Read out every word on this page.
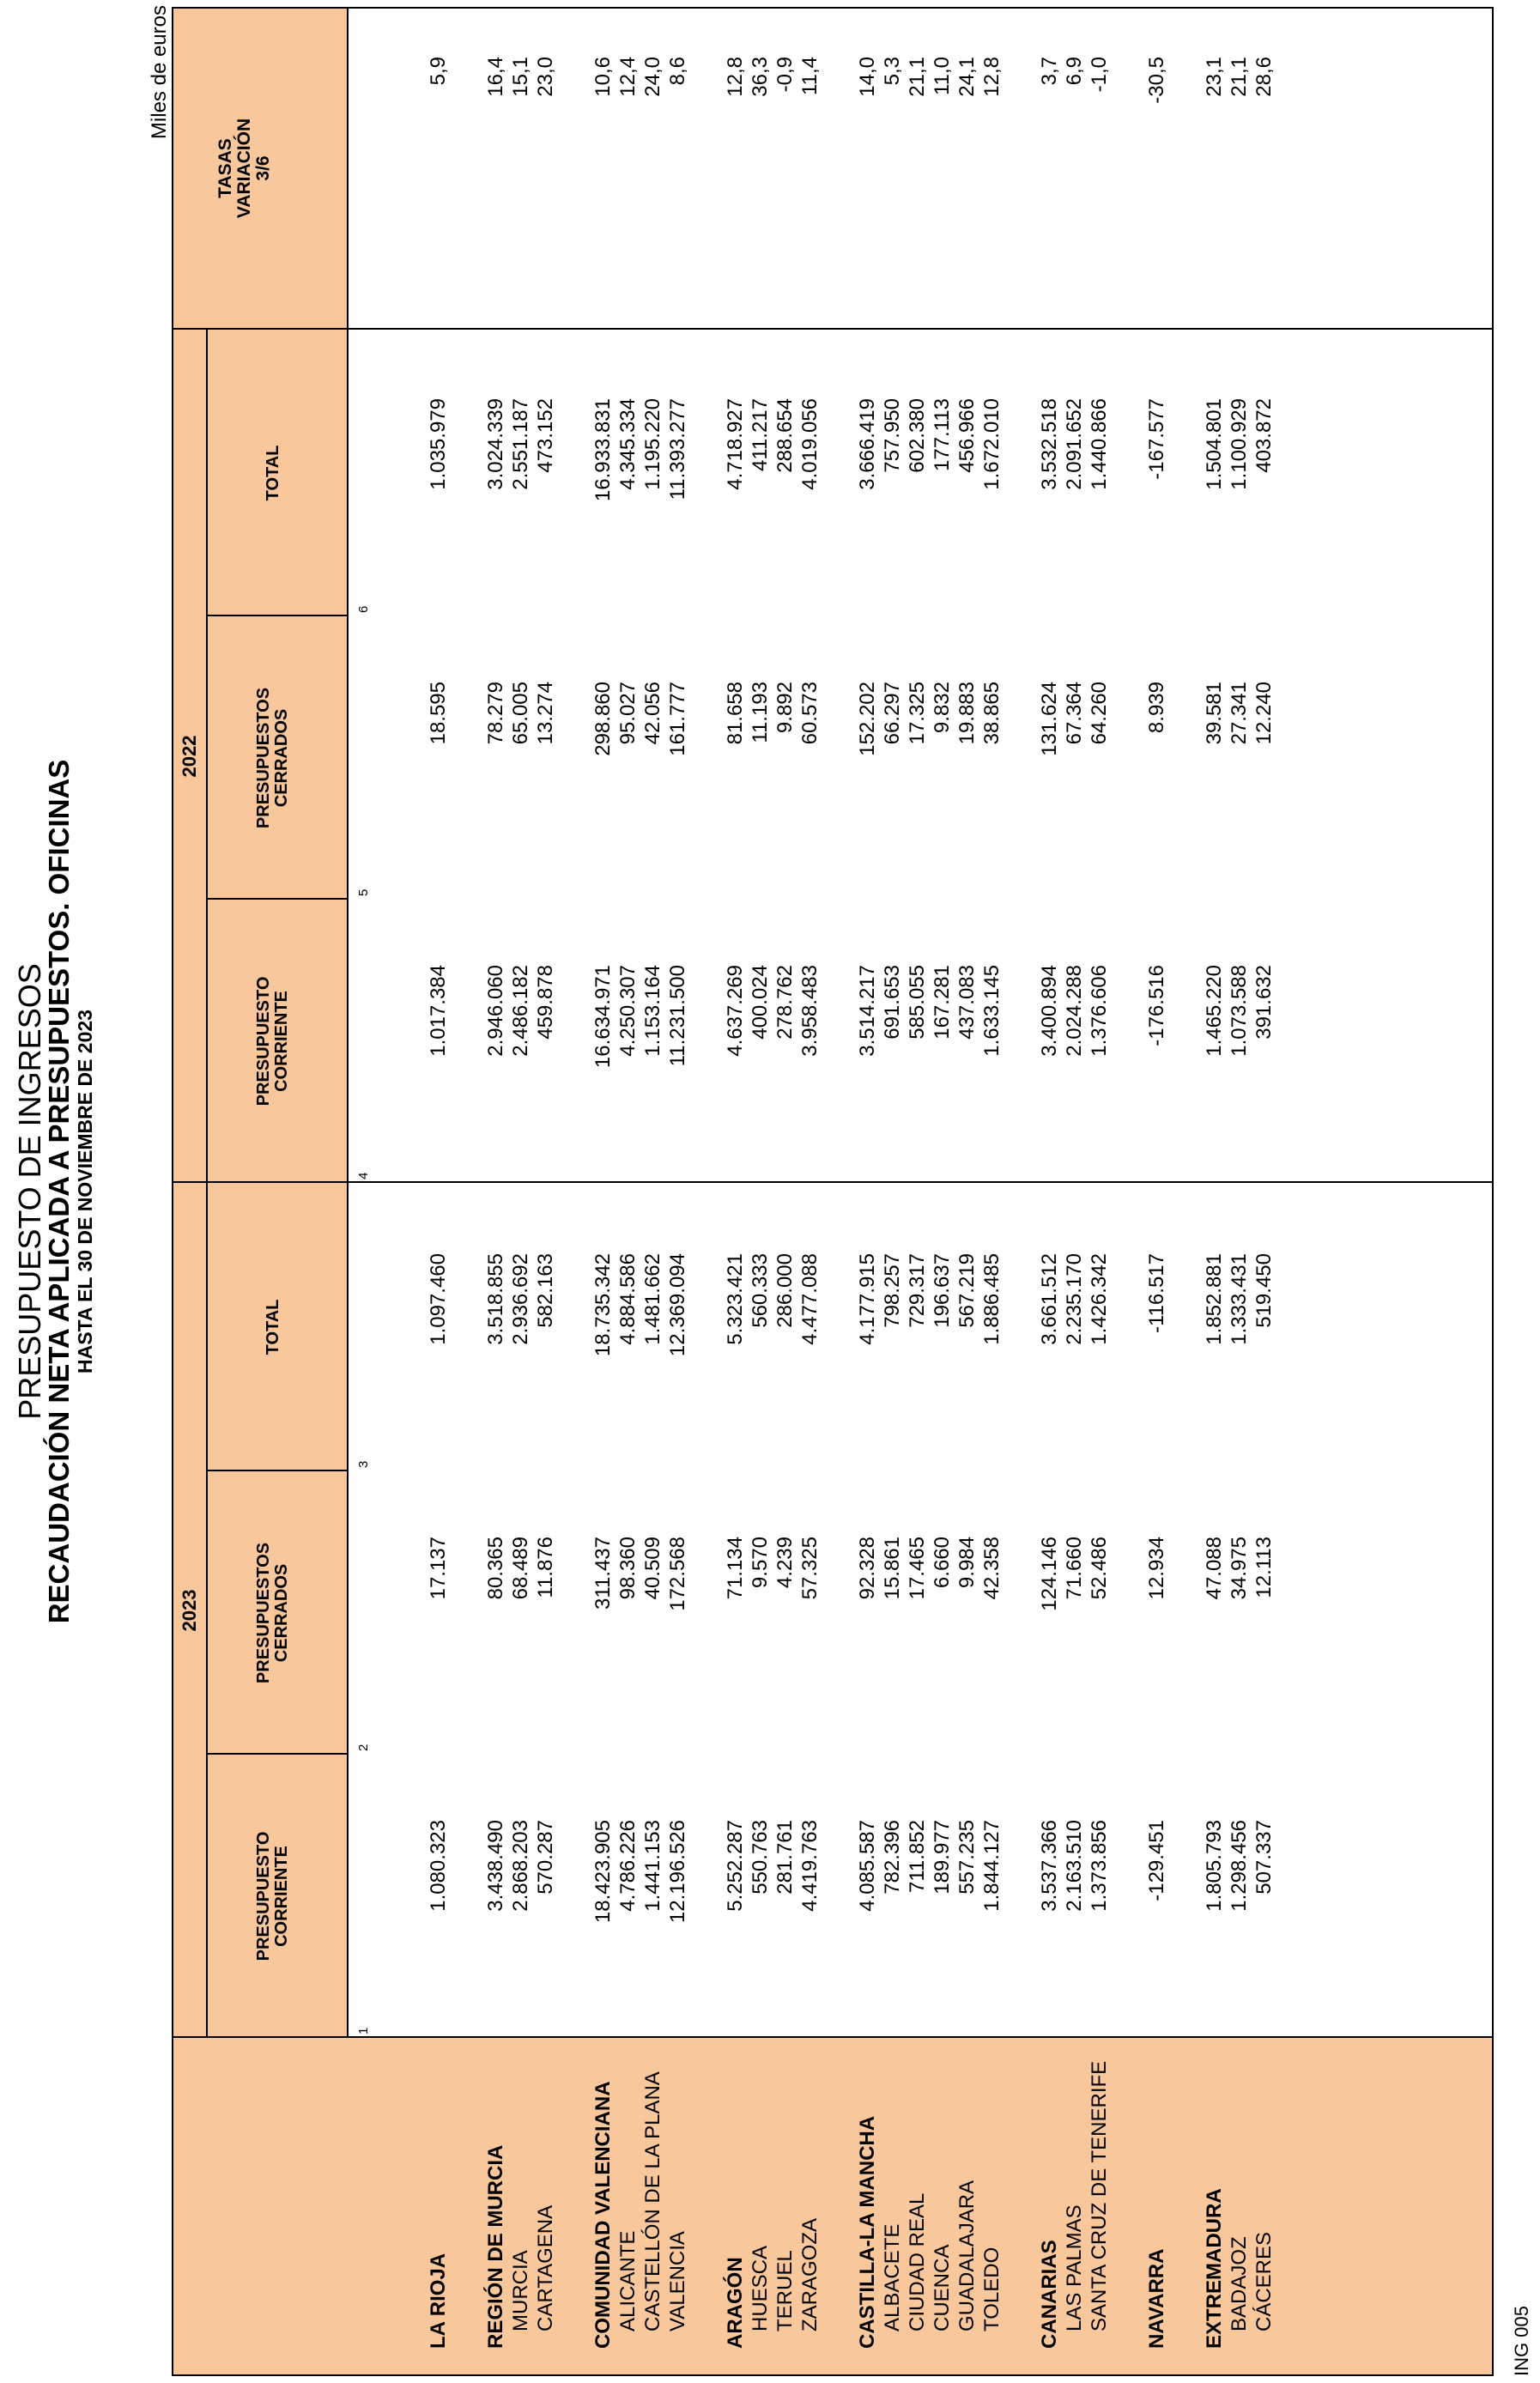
PRESUPUESTO DE INGRESOS
RECAUDACIÓN NETA APLICADA A PRESUPUESTOS. OFICINAS HASTA EL 30 DE NOVIEMBRE DE 2023
Miles de euros
2023
2022
TASAS VARIACIÓN 3/6
PRESUPUESTO CORRIENTE
PRESUPUESTOS CERRADOS
TOTAL
PRESUPUESTO CORRIENTE
PRESUPUESTOS CERRADOS
TOTAL
1
2
3
4
5
6
LA RIOJA
1.080.323
17.137
1.097.460
1.017.384
18.595
1.035.979
5,9
REGIÓN DE MURCIA
3.438.490
80.365
3.518.855
2.946.060
78.279
3.024.339
16,4
MURCIA
2.868.203
68.489
2.936.692
2.486.182
65.005
2.551.187
15,1
CARTAGENA
570.287
11.876
582.163
459.878
13.274
473.152
23,0
COMUNIDAD VALENCIANA
18.423.905
311.437
18.735.342
16.634.971
298.860
16.933.831
10,6
ALICANTE
4.786.226
98.360
4.884.586
4.250.307
95.027
4.345.334
12,4
CASTELLÓN DE LA PLANA
1.441.153
40.509
1.481.662
1.153.164
42.056
1.195.220
24,0
VALENCIA
12.196.526
172.568
12.369.094
11.231.500
161.777
11.393.277
8,6
ARAGÓN
5.252.287
71.134
5.323.421
4.637.269
81.658
4.718.927
12,8
HUESCA
550.763
9.570
560.333
400.024
11.193
411.217
36,3
TERUEL
281.761
4.239
286.000
278.762
9.892
288.654
-0,9
ZARAGOZA
4.419.763
57.325
4.477.088
3.958.483
60.573
4.019.056
11,4
CASTILLA-LA MANCHA
4.085.587
92.328
4.177.915
3.514.217
152.202
3.666.419
14,0
ALBACETE
782.396
15.861
798.257
691.653
66.297
757.950
5,3
CIUDAD REAL
711.852
17.465
729.317
585.055
17.325
602.380
21,1
CUENCA
189.977
6.660
196.637
167.281
9.832
177.113
11,0
GUADALAJARA
557.235
9.984
567.219
437.083
19.883
456.966
24,1
TOLEDO
1.844.127
42.358
1.886.485
1.633.145
38.865
1.672.010
12,8
CANARIAS
3.537.366
124.146
3.661.512
3.400.894
131.624
3.532.518
3,7
LAS PALMAS
2.163.510
71.660
2.235.170
2.024.288
67.364
2.091.652
6,9
SANTA CRUZ DE TENERIFE
1.373.856
52.486
1.426.342
1.376.606
64.260
1.440.866
-1,0
NAVARRA
-129.451
12.934
-116.517
-176.516
8.939
-167.577
-30,5
EXTREMADURA
1.805.793
47.088
1.852.881
1.465.220
39.581
1.504.801
23,1
BADAJOZ
1.298.456
34.975
1.333.431
1.073.588
27.341
1.100.929
21,1
CÁCERES
507.337
12.113
519.450
391.632
12.240
403.872
28,6
ING 005
